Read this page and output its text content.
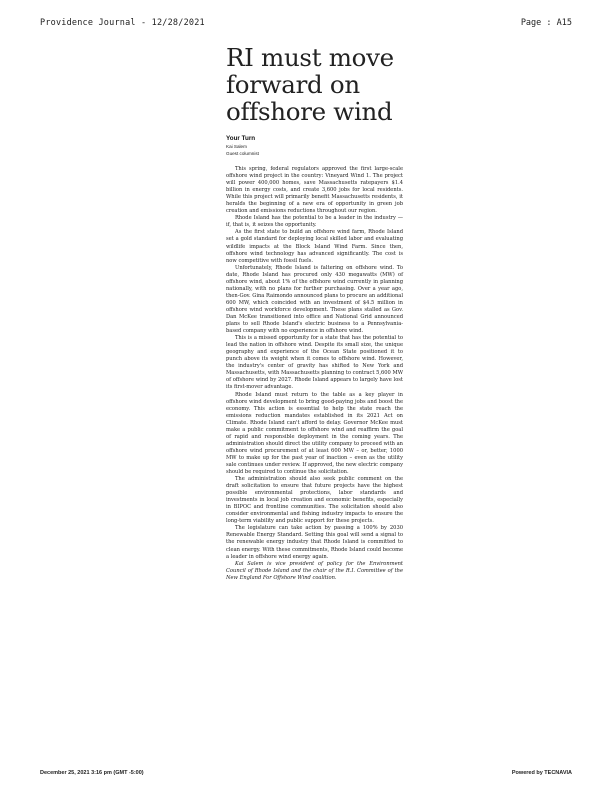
Providence Journal - 12/28/2021	Page : A15
RI must move forward on offshore wind
Your Turn
Kai Salem
Guest columnist

This spring, federal regulators approved the first large-scale offshore wind project in the country: Vineyard Wind 1. The project will power 400,000 homes, save Massachusetts ratepayers $1.4 billion in energy costs, and create 3,600 jobs for local residents. While this project will primarily benefit Massachusetts residents, it heralds the beginning of a new era of opportunity in green job creation and emissions reductions throughout our region.

Rhode Island has the potential to be a leader in the industry — if, that is, it seizes the opportunity.

As the first state to build an offshore wind farm, Rhode Island set a gold standard for deploying local skilled labor and evaluating wildlife impacts at the Block Island Wind Farm. Since then, offshore wind technology has advanced significantly. The cost is now competitive with fossil fuels.

Unfortunately, Rhode Island is faltering on offshore wind. To date, Rhode Island has procured only 430 megawatts (MW) of offshore wind, about 1% of the offshore wind currently in planning nationally, with no plans for further purchasing. Over a year ago, then-Gov. Gina Raimondo announced plans to procure an additional 600 MW, which coincided with an investment of $4.5 million in offshore wind workforce development. These plans stalled as Gov. Dan McKee transitioned into office and National Grid announced plans to sell Rhode Island's electric business to a Pennsylvania-based company with no experience in offshore wind.

This is a missed opportunity for a state that has the potential to lead the nation in offshore wind. Despite its small size, the unique geography and experience of the Ocean State positioned it to punch above its weight when it comes to offshore wind. However, the industry's center of gravity has shifted to New York and Massachusetts, with Massachusetts planning to contract 5,600 MW of offshore wind by 2027. Rhode Island appears to largely have lost its first-mover advantage.

Rhode Island must return to the table as a key player in offshore wind development to bring good-paying jobs and boost the economy. This action is essential to help the state reach the emissions reduction mandates established in its 2021 Act on Climate. Rhode Island can't afford to delay. Governor McKee must make a public commitment to offshore wind and reaffirm the goal of rapid and responsible deployment in the coming years. The administration should direct the utility company to proceed with an offshore wind procurement of at least 600 MW – or, better, 1000 MW to make up for the past year of inaction – even as the utility sale continues under review. If approved, the new electric company should be required to continue the solicitation.

The administration should also seek public comment on the draft solicitation to ensure that future projects have the highest possible environmental protections, labor standards and investments in local job creation and economic benefits, especially in BIPOC and frontline communities. The solicitation should also consider environmental and fishing industry impacts to ensure the long-term viability and public support for these projects.

The legislature can take action by passing a 100% by 2030 Renewable Energy Standard. Setting this goal will send a signal to the renewable energy industry that Rhode Island is committed to clean energy. With these commitments, Rhode Island could become a leader in offshore wind energy again.

Kai Salem is vice president of policy for the Environment Council of Rhode Island and the chair of the R.I. Committee of the New England For Offshore Wind coalition.

December 25, 2021 3:16 pm (GMT -5:00)	Powered by TECNAVIA
